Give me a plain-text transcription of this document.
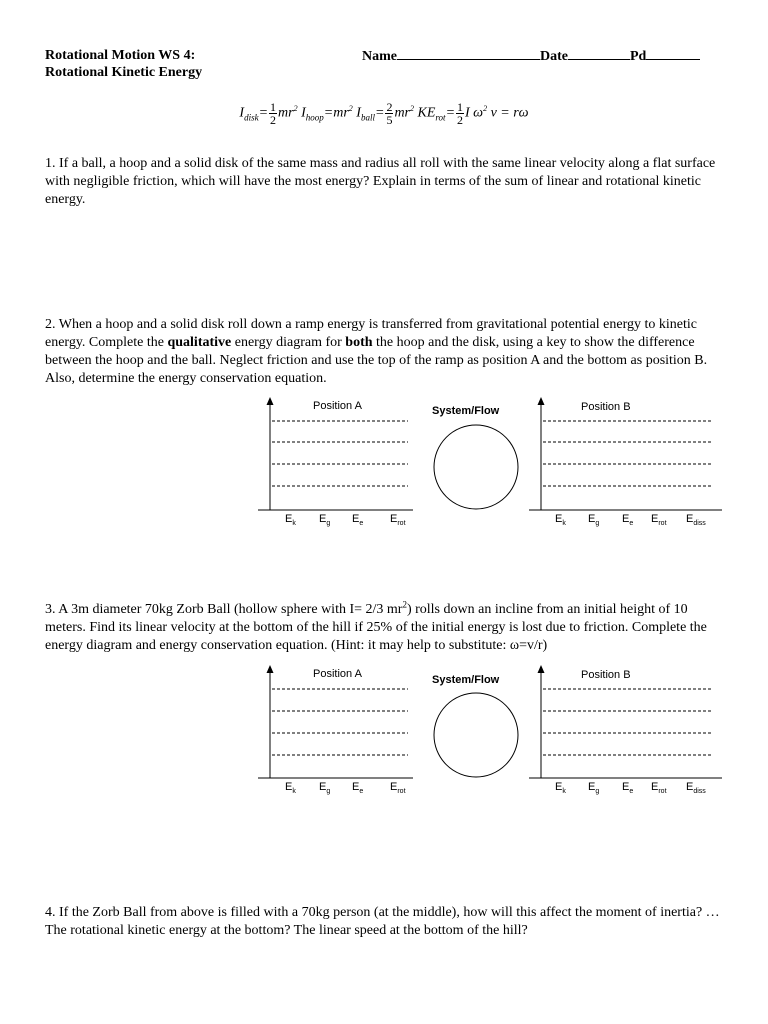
Rotational Motion WS 4:
Rotational Kinetic Energy
Name	Date	Pd
$I_{disk}= \frac{1}{2} mr^2$ $I_{hoop}=mr^2$ $I_{ball}= \frac{2}{5} mr^2$ $KE_{rot}= \frac{1}{2}$ I $\omega^2$ v = rω
1. If a ball, a hoop and a solid disk of the same mass and radius all roll with the same linear velocity along a flat surface with negligible friction, which will have the most energy? Explain in terms of the sum of linear and rotational kinetic energy.
2. When a hoop and a solid disk roll down a ramp energy is transferred from gravitational potential energy to kinetic energy. Complete the qualitative energy diagram for both the hoop and the disk, using a key to show the difference between the hoop and the ball. Neglect friction and use the top of the ramp as position A and the bottom as position B. Also, determine the energy conservation equation.
Position A	System/Flow	Position B
$E_k$ $E_g$ $E_e$ $E_{rot}$	$E_k$ $E_g$ $E_e$ $E_{rot}$ $E_{diss}$
3. A 3m diameter 70kg Zorb Ball (hollow sphere with I= 2/3 $mr^2$) rolls down an incline from an initial height of 10 meters. Find its linear velocity at the bottom of the hill if 25% of the initial energy is lost due to friction. Complete the energy diagram and energy conservation equation. (Hint: it may help to substitute: ω=v/r)
Position A	System/Flow	Position B
$E_k$ $E_g$ $E_e$ $E_{rot}$	$E_k$ $E_g$ $E_e$ $E_{rot}$ $E_{diss}$
4. If the Zorb Ball from above is filled with a 70kg person (at the middle), how will this affect the moment of inertia? …The rotational kinetic energy at the bottom? The linear speed at the bottom of the hill?
